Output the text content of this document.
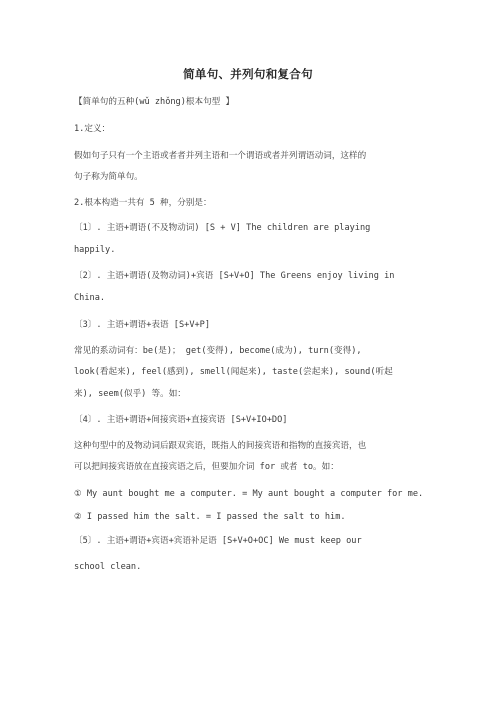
简单句、并列句和复合句
【简单句的五种(wǔ zhǒng)根本句型 】
1.定义：
假如句子只有一个主语或者者并列主语和一个谓语或者并列谓语动词，这样的
句子称为简单句。
2.根本构造一共有 5 种，分别是：
〔1〕. 主语+谓语(不及物动词) [S + V] The children are playing
happily.
〔2〕. 主语+谓语(及物动词)+宾语 [S+V+O] The Greens enjoy living in
China.
〔3〕. 主语+谓语+表语 [S+V+P]
常见的系动词有：be(是)； get(变得), become(成为), turn(变得),
look(看起来), feel(感到), smell(闻起来), taste(尝起来), sound(听起
来), seem(似乎) 等。如：
〔4〕. 主语+谓语+间接宾语+直接宾语 [S+V+IO+DO]
这种句型中的及物动词后跟双宾语，既指人的间接宾语和指物的直接宾语，也
可以把间接宾语放在直接宾语之后，但要加介词 for 或者 to。如：
① My aunt bought me a computer. = My aunt bought a computer for me.
② I passed him the salt. = I passed the salt to him.
〔5〕. 主语+谓语+宾语+宾语补足语 [S+V+O+OC] We must keep our
school clean.
